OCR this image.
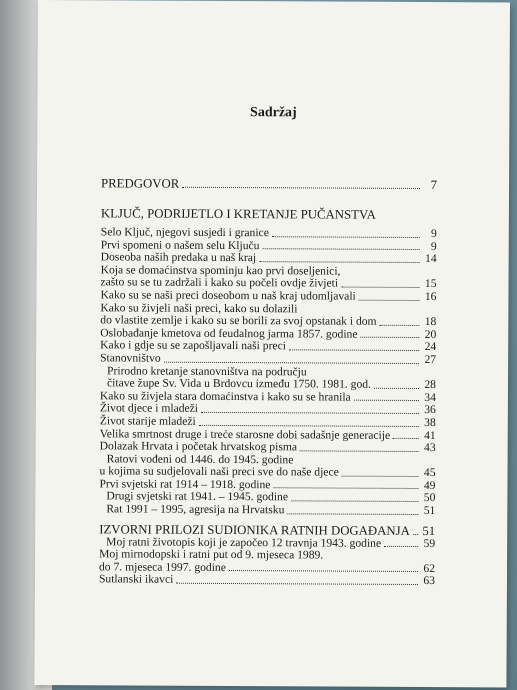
Sadržaj
PREDGOVOR	7
KLJUČ, PODRIJETLO I KRETANJE PUČANSTVA
Selo Ključ, njegovi susjedi i granice	9
Prvi spomeni o našem selu Ključu	9
Doseoba naših predaka u naš kraj	14
Koja se domaćinstva spominju kao prvi doseljenici,
zašto su se tu zadržali i kako su počeli ovdje živjeti	15
Kako su se naši preci doseobom u naš kraj udomljavali	16
Kako su živjeli naši preci, kako su dolazili
do vlastite zemlje i kako su se borili za svoj opstanak i dom	18
Oslobađanje kmetova od feudalnog jarma 1857. godine	20
Kako i gdje su se zapošljavali naši preci	24
Stanovništvo	27
Prirodno kretanje stanovništva na području
čitave župe Sv. Vida u Brdovcu između 1750. 1981. god.	28
Kako su živjela stara domaćinstva i kako su se hranila	34
Život djece i mladeži	36
Život starije mladeži	38
Velika smrtnost druge i treće starosne dobi sadašnje generacije	41
Dolazak Hrvata i početak hrvatskog pisma	43
Ratovi vođeni od 1446. do 1945. godine
u kojima su sudjelovali naši preci sve do naše djece	45
Prvi svjetski rat 1914 – 1918. godine	49
Drugi svjetski rat 1941. – 1945. godine	50
Rat 1991 – 1995, agresija na Hrvatsku	51
IZVORNI PRILOZI SUDIONIKA RATNIH DOGAĐANJA 51
Moj ratni životopis koji je započeo 12 travnja 1943. godine	59
Moj mirnodopski i ratni put od 9. mjeseca 1989.
do 7. mjeseca 1997. godine	62
Sutlanski ikavci	63
